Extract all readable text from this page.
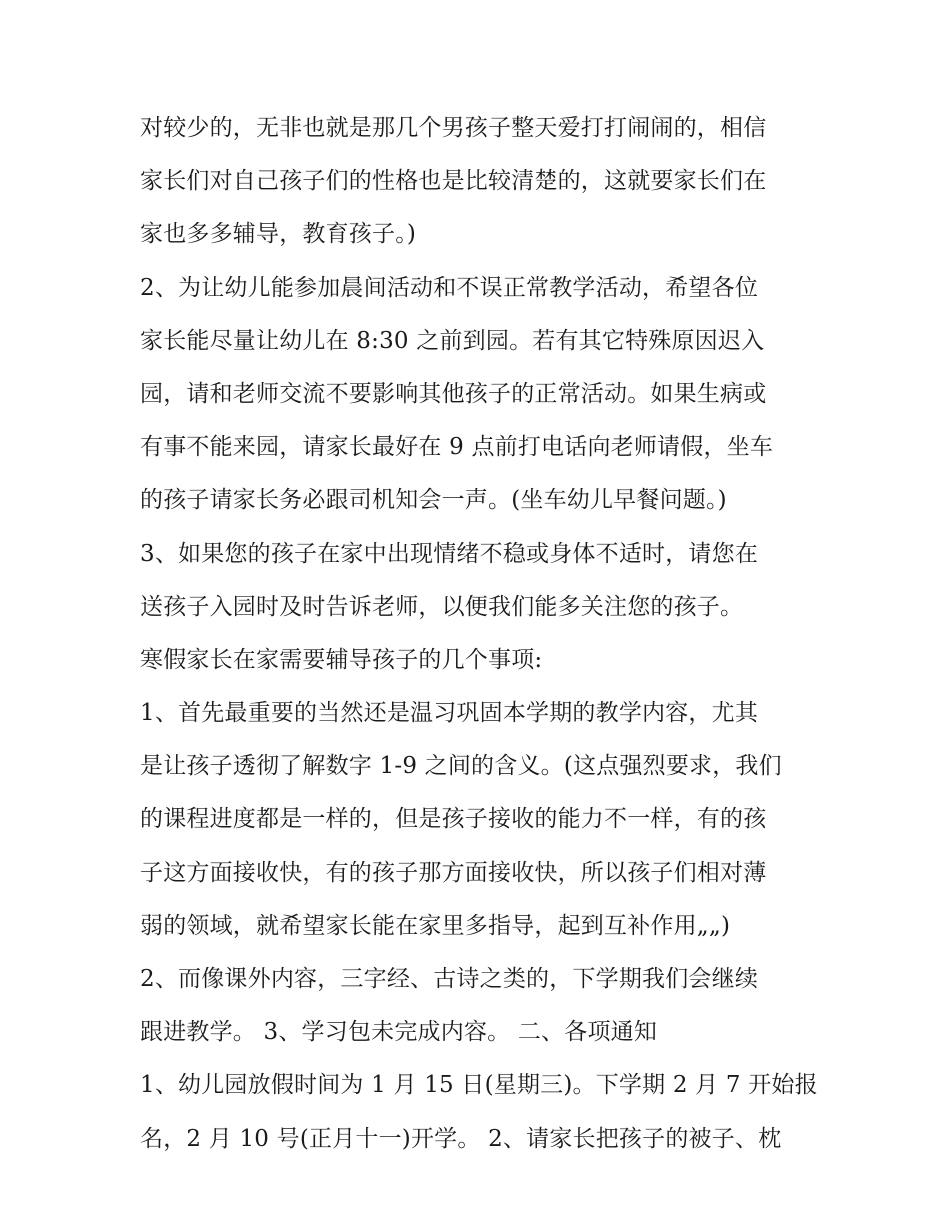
对较少的，无非也就是那几个男孩子整天爱打打闹闹的，相信
家长们对自己孩子们的性格也是比较清楚的，这就要家长们在
家也多多辅导，教育孩子。)
2、为让幼儿能参加晨间活动和不误正常教学活动，希望各位
家长能尽量让幼儿在 8:30 之前到园。若有其它特殊原因迟入
园，请和老师交流不要影响其他孩子的正常活动。如果生病或
有事不能来园，请家长最好在 9 点前打电话向老师请假，坐车
的孩子请家长务必跟司机知会一声。(坐车幼儿早餐问题。)
3、如果您的孩子在家中出现情绪不稳或身体不适时，请您在
送孩子入园时及时告诉老师，以便我们能多关注您的孩子。
寒假家长在家需要辅导孩子的几个事项:
1、首先最重要的当然还是温习巩固本学期的教学内容，尤其
是让孩子透彻了解数字 1-9 之间的含义。(这点强烈要求，我们
的课程进度都是一样的，但是孩子接收的能力不一样，有的孩
子这方面接收快，有的孩子那方面接收快，所以孩子们相对薄
弱的领域，就希望家长能在家里多指导，起到互补作用„„)
2、而像课外内容，三字经、古诗之类的，下学期我们会继续
跟进教学。 3、学习包未完成内容。 二、各项通知
1、幼儿园放假时间为 1 月 15 日(星期三)。下学期 2 月 7 开始报
名，2 月 10 号(正月十一)开学。 2、请家长把孩子的被子、枕
